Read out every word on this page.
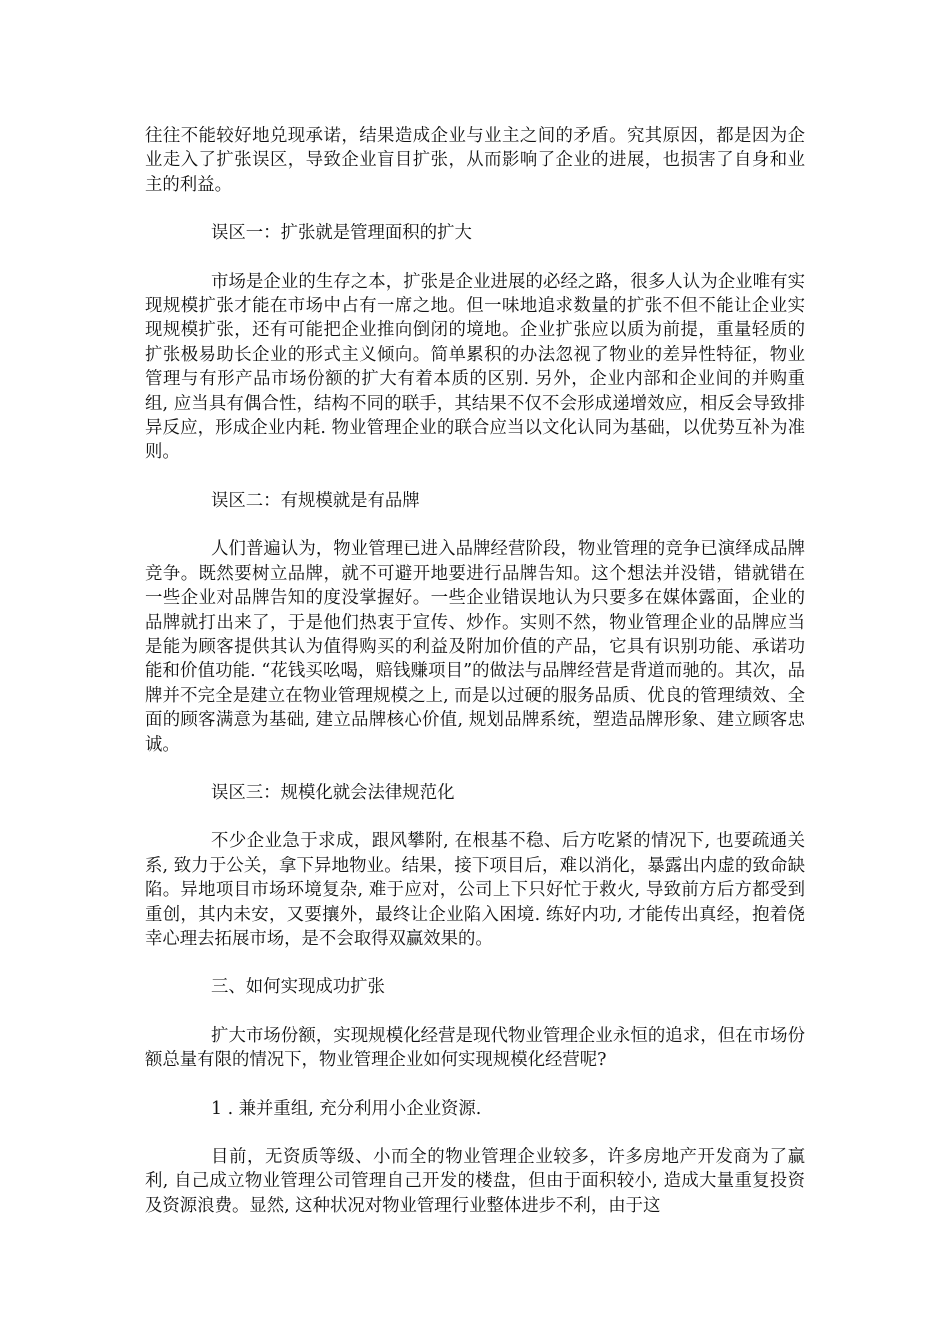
往往不能较好地兑现承诺，结果造成企业与业主之间的矛盾。究其原因，都是因为企业走入了扩张误区，导致企业盲目扩张，从而影响了企业的进展，也损害了自身和业主的利益。

误区一：扩张就是管理面积的扩大

市场是企业的生存之本，扩张是企业进展的必经之路，很多人认为企业唯有实现规模扩张才能在市场中占有一席之地。但一味地追求数量的扩张不但不能让企业实现规模扩张，还有可能把企业推向倒闭的境地。企业扩张应以质为前提，重量轻质的扩张极易助长企业的形式主义倾向。简单累积的办法忽视了物业的差异性特征，物业管理与有形产品市场份额的扩大有着本质的区别. 另外，企业内部和企业间的并购重组, 应当具有偶合性，结构不同的联手，其结果不仅不会形成递增效应，相反会导致排异反应，形成企业内耗. 物业管理企业的联合应当以文化认同为基础，以优势互补为准则。

误区二：有规模就是有品牌

人们普遍认为，物业管理已进入品牌经营阶段，物业管理的竞争已演绎成品牌竞争。既然要树立品牌，就不可避开地要进行品牌告知。这个想法并没错，错就错在一些企业对品牌告知的度没掌握好。一些企业错误地认为只要多在媒体露面，企业的品牌就打出来了，于是他们热衷于宣传、炒作。实则不然，物业管理企业的品牌应当是能为顾客提供其认为值得购买的利益及附加价值的产品，它具有识别功能、承诺功能和价值功能. “花钱买吆喝，赔钱赚项目”的做法与品牌经营是背道而驰的。其次，品牌并不完全是建立在物业管理规模之上, 而是以过硬的服务品质、优良的管理绩效、全面的顾客满意为基础, 建立品牌核心价值, 规划品牌系统，塑造品牌形象、建立顾客忠诚。

误区三：规模化就会法律规范化

不少企业急于求成，跟风攀附, 在根基不稳、后方吃紧的情况下, 也要疏通关系, 致力于公关，拿下异地物业。结果，接下项目后，难以消化，暴露出内虚的致命缺陷。异地项目市场环境复杂, 难于应对，公司上下只好忙于救火, 导致前方后方都受到重创，其内未安，又要攘外，最终让企业陷入困境. 练好内功, 才能传出真经，抱着侥幸心理去拓展市场，是不会取得双赢效果的。

三、如何实现成功扩张

扩大市场份额，实现规模化经营是现代物业管理企业永恒的追求，但在市场份额总量有限的情况下，物业管理企业如何实现规模化经营呢?

1 . 兼并重组, 充分利用小企业资源.

目前，无资质等级、小而全的物业管理企业较多，许多房地产开发商为了赢利, 自己成立物业管理公司管理自己开发的楼盘，但由于面积较小, 造成大量重复投资及资源浪费。显然, 这种状况对物业管理行业整体进步不利，由于这
